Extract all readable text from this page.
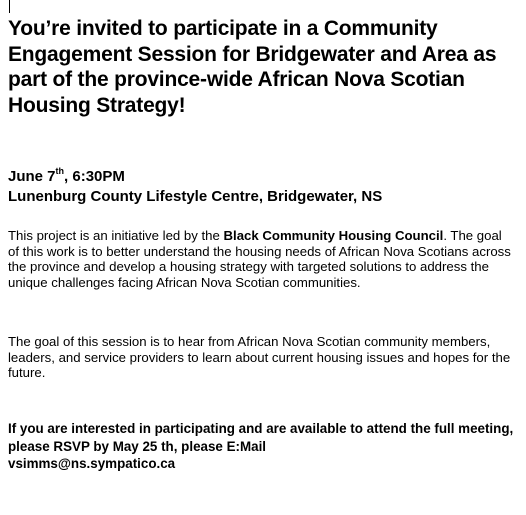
You’re invited to participate in a Community Engagement Session for Bridgewater and Area as part of the province-wide African Nova Scotian Housing Strategy!
June 7th, 6:30PM
Lunenburg County Lifestyle Centre, Bridgewater, NS

This project is an initiative led by the Black Community Housing Council. The goal of this work is to better understand the housing needs of African Nova Scotians across the province and develop a housing strategy with targeted solutions to address the unique challenges facing African Nova Scotian communities.

The goal of this session is to hear from African Nova Scotian community members, leaders, and service providers to learn about current housing issues and hopes for the future.

If you are interested in participating and are available to attend the full meeting, please RSVP by May 25 th, please E:Mail
vsimms@ns.sympatico.ca
